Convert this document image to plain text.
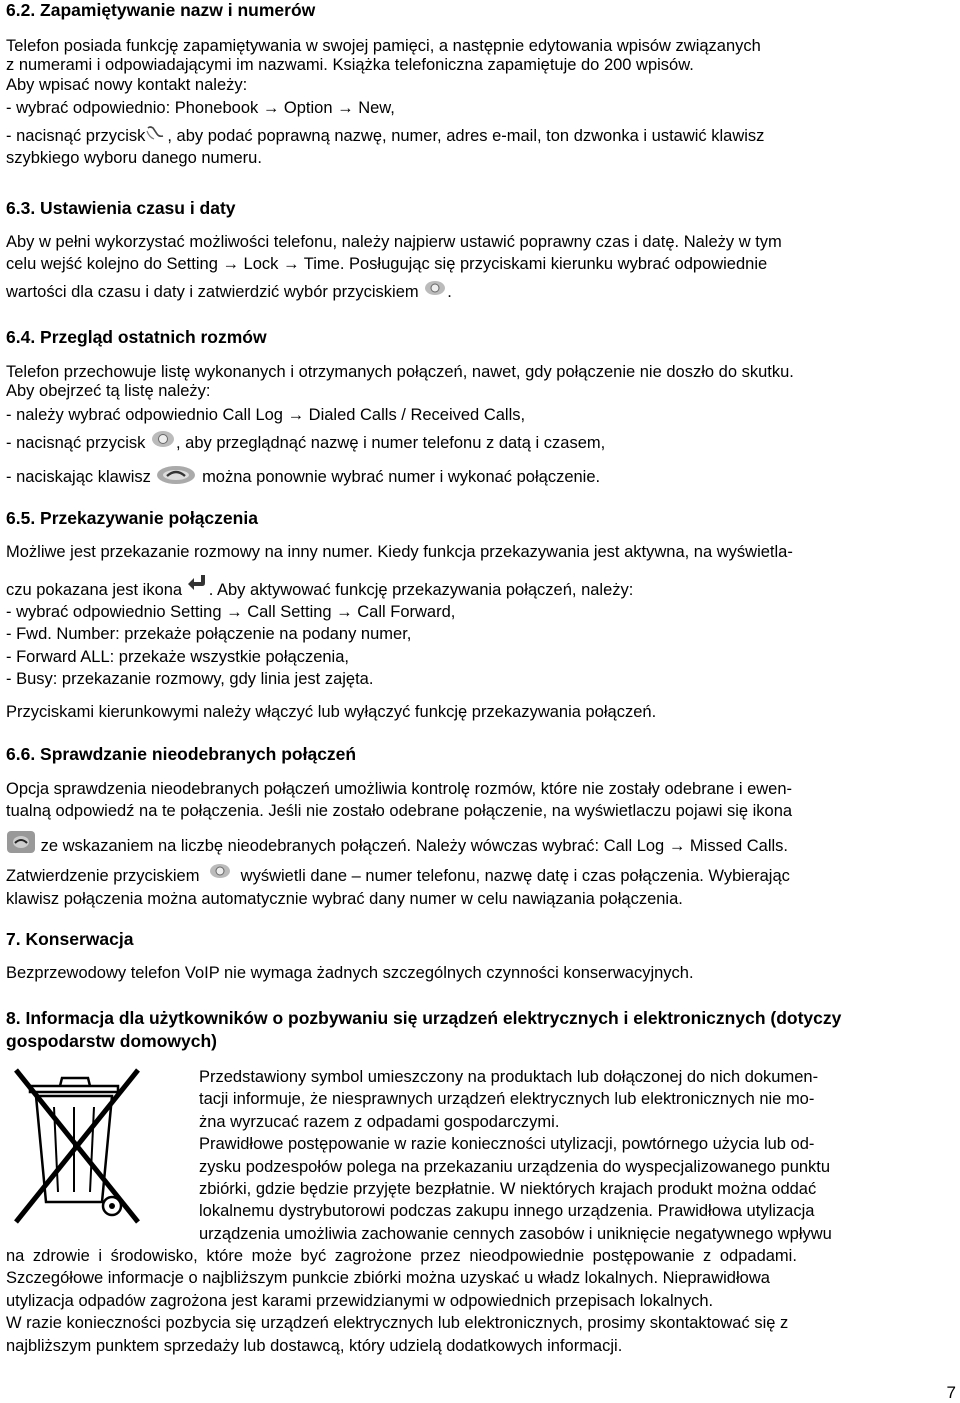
6.2. Zapamiętywanie nazw i numerów

Telefon posiada funkcję zapamiętywania w swojej pamięci, a następnie edytowania wpisów związanych

z numerami i odpowiadającymi im nazwami. Książka telefoniczna zapamiętuje do 200 wpisów.

Aby wpisać nowy kontakt należy:

- wybrać odpowiednio: Phonebook → Option → New,

- nacisnąć przycisk , aby podać poprawną nazwę, numer, adres e-mail, ton dzwonka i ustawić klawisz

szybkiego wyboru danego numeru.

6.3. Ustawienia czasu i daty

Aby w pełni wykorzystać możliwości telefonu, należy najpierw ustawić poprawny czas i datę. Należy w tym

celu wejść kolejno do Setting → Lock → Time. Posługując się przyciskami kierunku wybrać odpowiednie

wartości dla czasu i daty i zatwierdzić wybór przyciskiem .

6.4. Przegląd ostatnich rozmów

Telefon przechowuje listę wykonanych i otrzymanych połączeń, nawet, gdy połączenie nie doszło do skutku.

Aby obejrzeć tą listę należy:

- należy wybrać odpowiednio Call Log → Dialed Calls / Received Calls,

- nacisnąć przycisk , aby przeglądnąć nazwę i numer telefonu z datą i czasem,

- naciskając klawisz	można ponownie wybrać numer i wykonać połączenie.

6.5. Przekazywanie połączenia

Możliwe jest przekazanie rozmowy na inny numer. Kiedy funkcja przekazywania jest aktywna, na wyświetla-

czu pokazana jest ikona . Aby aktywować funkcję przekazywania połączeń, należy:

- wybrać odpowiednio Setting → Call Setting → Call Forward,

- Fwd. Number: przekaże połączenie na podany numer,

- Forward ALL: przekaże wszystkie połączenia,

- Busy: przekazanie rozmowy, gdy linia jest zajęta.

Przyciskami kierunkowymi należy włączyć lub wyłączyć funkcję przekazywania połączeń.

6.6. Sprawdzanie nieodebranych połączeń

Opcja sprawdzenia nieodebranych połączeń umożliwia kontrolę rozmów, które nie zostały odebrane i ewen-

tualną odpowiedź na te połączenia. Jeśli nie zostało odebrane połączenie, na wyświetlaczu pojawi się ikona

ze wskazaniem na liczbę nieodebranych połączeń. Należy wówczas wybrać: Call Log → Missed Calls.

Zatwierdzenie przyciskiem wyświetli dane – numer telefonu, nazwę datę i czas połączenia. Wybierając

klawisz połączenia można automatycznie wybrać dany numer w celu nawiązania połączenia.

7. Konserwacja

Bezprzewodowy telefon VoIP nie wymaga żadnych szczególnych czynności konserwacyjnych.

8. Informacja dla użytkowników o pozbywaniu się urządzeń elektrycznych i elektronicznych (dotyczy
gospodarstw domowych)

Przedstawiony symbol umieszczony na produktach lub dołączonej do nich dokumen-

tacji informuje, że niesprawnych urządzeń elektrycznych lub elektronicznych nie mo-

żna wyrzucać razem z odpadami gospodarczymi.

Prawidłowe postępowanie w razie konieczności utylizacji, powtórnego użycia lub od-

zysku podzespołów polega na przekazaniu urządzenia do wyspecjalizowanego punktu

zbiórki, gdzie będzie przyjęte bezpłatnie. W niektórych krajach produkt można oddać

lokalnemu dystrybutorowi podczas zakupu innego urządzenia. Prawidłowa utylizacja

urządzenia umożliwia zachowanie cennych zasobów i uniknięcie negatywnego wpływu

na zdrowie i środowisko, które może być zagrożone przez nieodpowiednie postępowanie z odpadami.

Szczegółowe informacje o najbliższym punkcie zbiórki można uzyskać u władz lokalnych. Nieprawidłowa

utylizacja odpadów zagrożona jest karami przewidzianymi w odpowiednich przepisach lokalnych.

W razie konieczności pozbycia się urządzeń elektrycznych lub elektronicznych, prosimy skontaktować się z

najbliższym punktem sprzedaży lub dostawcą, który udzielą dodatkowych informacji.

7
